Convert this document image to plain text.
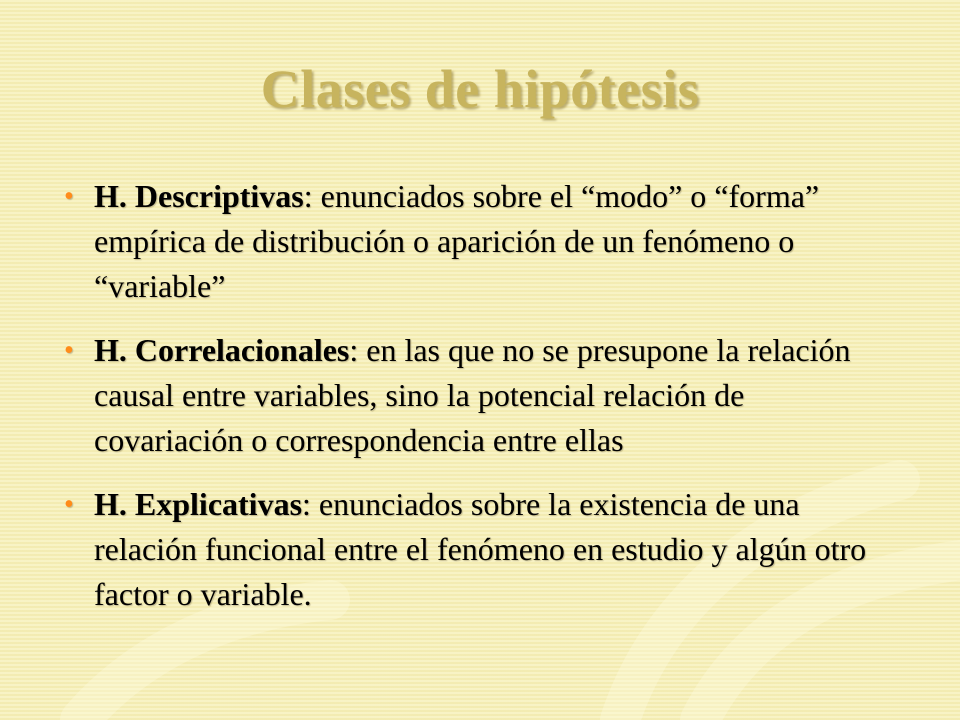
Clases de hipótesis
• H. Descriptivas: enunciados sobre el “modo” o “forma” empírica de distribución o aparición de un fenómeno o “variable”
• H. Correlacionales: en las que no se presupone la relación causal entre variables, sino la potencial relación de covariación o correspondencia entre ellas
• H. Explicativas: enunciados sobre la existencia de una relación funcional entre el fenómeno en estudio y algún otro factor o variable.
